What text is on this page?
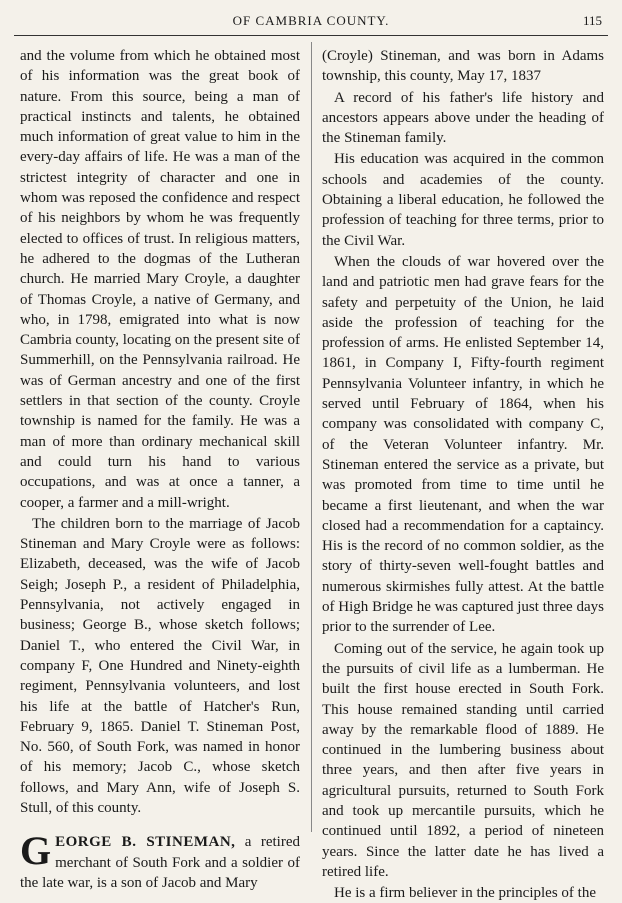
OF CAMBRIA COUNTY.	115

and the volume from which he obtained most of his information was the great book of nature. From this source, being a man of practical instincts and talents, he obtained much information of great value to him in the every-day affairs of life. He was a man of the strictest integrity of character and one in whom was reposed the confidence and respect of his neighbors by whom he was frequently elected to offices of trust. In religious matters, he adhered to the dogmas of the Lutheran church. He married Mary Croyle, a daughter of Thomas Croyle, a native of Germany, and who, in 1798, emigrated into what is now Cambria county, locating on the present site of Summerhill, on the Pennsylvania railroad. He was of German ancestry and one of the first settlers in that section of the county. Croyle township is named for the family. He was a man of more than ordinary mechanical skill and could turn his hand to various occupations, and was at once a tanner, a cooper, a farmer and a mill-wright.

The children born to the marriage of Jacob Stineman and Mary Croyle were as follows: Elizabeth, deceased, was the wife of Jacob Seigh; Joseph P., a resident of Philadelphia, Pennsylvania, not actively engaged in business; George B., whose sketch follows; Daniel T., who entered the Civil War, in company F, One Hundred and Ninety-eighth regiment, Pennsylvania volunteers, and lost his life at the battle of Hatcher's Run, February 9, 1865. Daniel T. Stineman Post, No. 560, of South Fork, was named in honor of his memory; Jacob C., whose sketch follows, and Mary Ann, wife of Joseph S. Stull, of this county.

GEORGE B. STINEMAN, a retired merchant of South Fork and a soldier of the late war, is a son of Jacob and Mary

(Croyle) Stineman, and was born in Adams township, this county, May 17, 1837

A record of his father's life history and ancestors appears above under the heading of the Stineman family.

His education was acquired in the common schools and academies of the county. Obtaining a liberal education, he followed the profession of teaching for three terms, prior to the Civil War.

When the clouds of war hovered over the land and patriotic men had grave fears for the safety and perpetuity of the Union, he laid aside the profession of teaching for the profession of arms. He enlisted September 14, 1861, in Company I, Fifty-fourth regiment Pennsylvania Volunteer infantry, in which he served until February of 1864, when his company was consolidated with company C, of the Veteran Volunteer infantry. Mr. Stineman entered the service as a private, but was promoted from time to time until he became a first lieutenant, and when the war closed had a recommendation for a captaincy. His is the record of no common soldier, as the story of thirty-seven well-fought battles and numerous skirmishes fully attest. At the battle of High Bridge he was captured just three days prior to the surrender of Lee.

Coming out of the service, he again took up the pursuits of civil life as a lumberman. He built the first house erected in South Fork. This house remained standing until carried away by the remarkable flood of 1889. He continued in the lumbering business about three years, and then after five years in agricultural pursuits, returned to South Fork and took up mercantile pursuits, which he continued until 1892, a period of nineteen years. Since the latter date he has lived a retired life.

He is a firm believer in the principles of the
